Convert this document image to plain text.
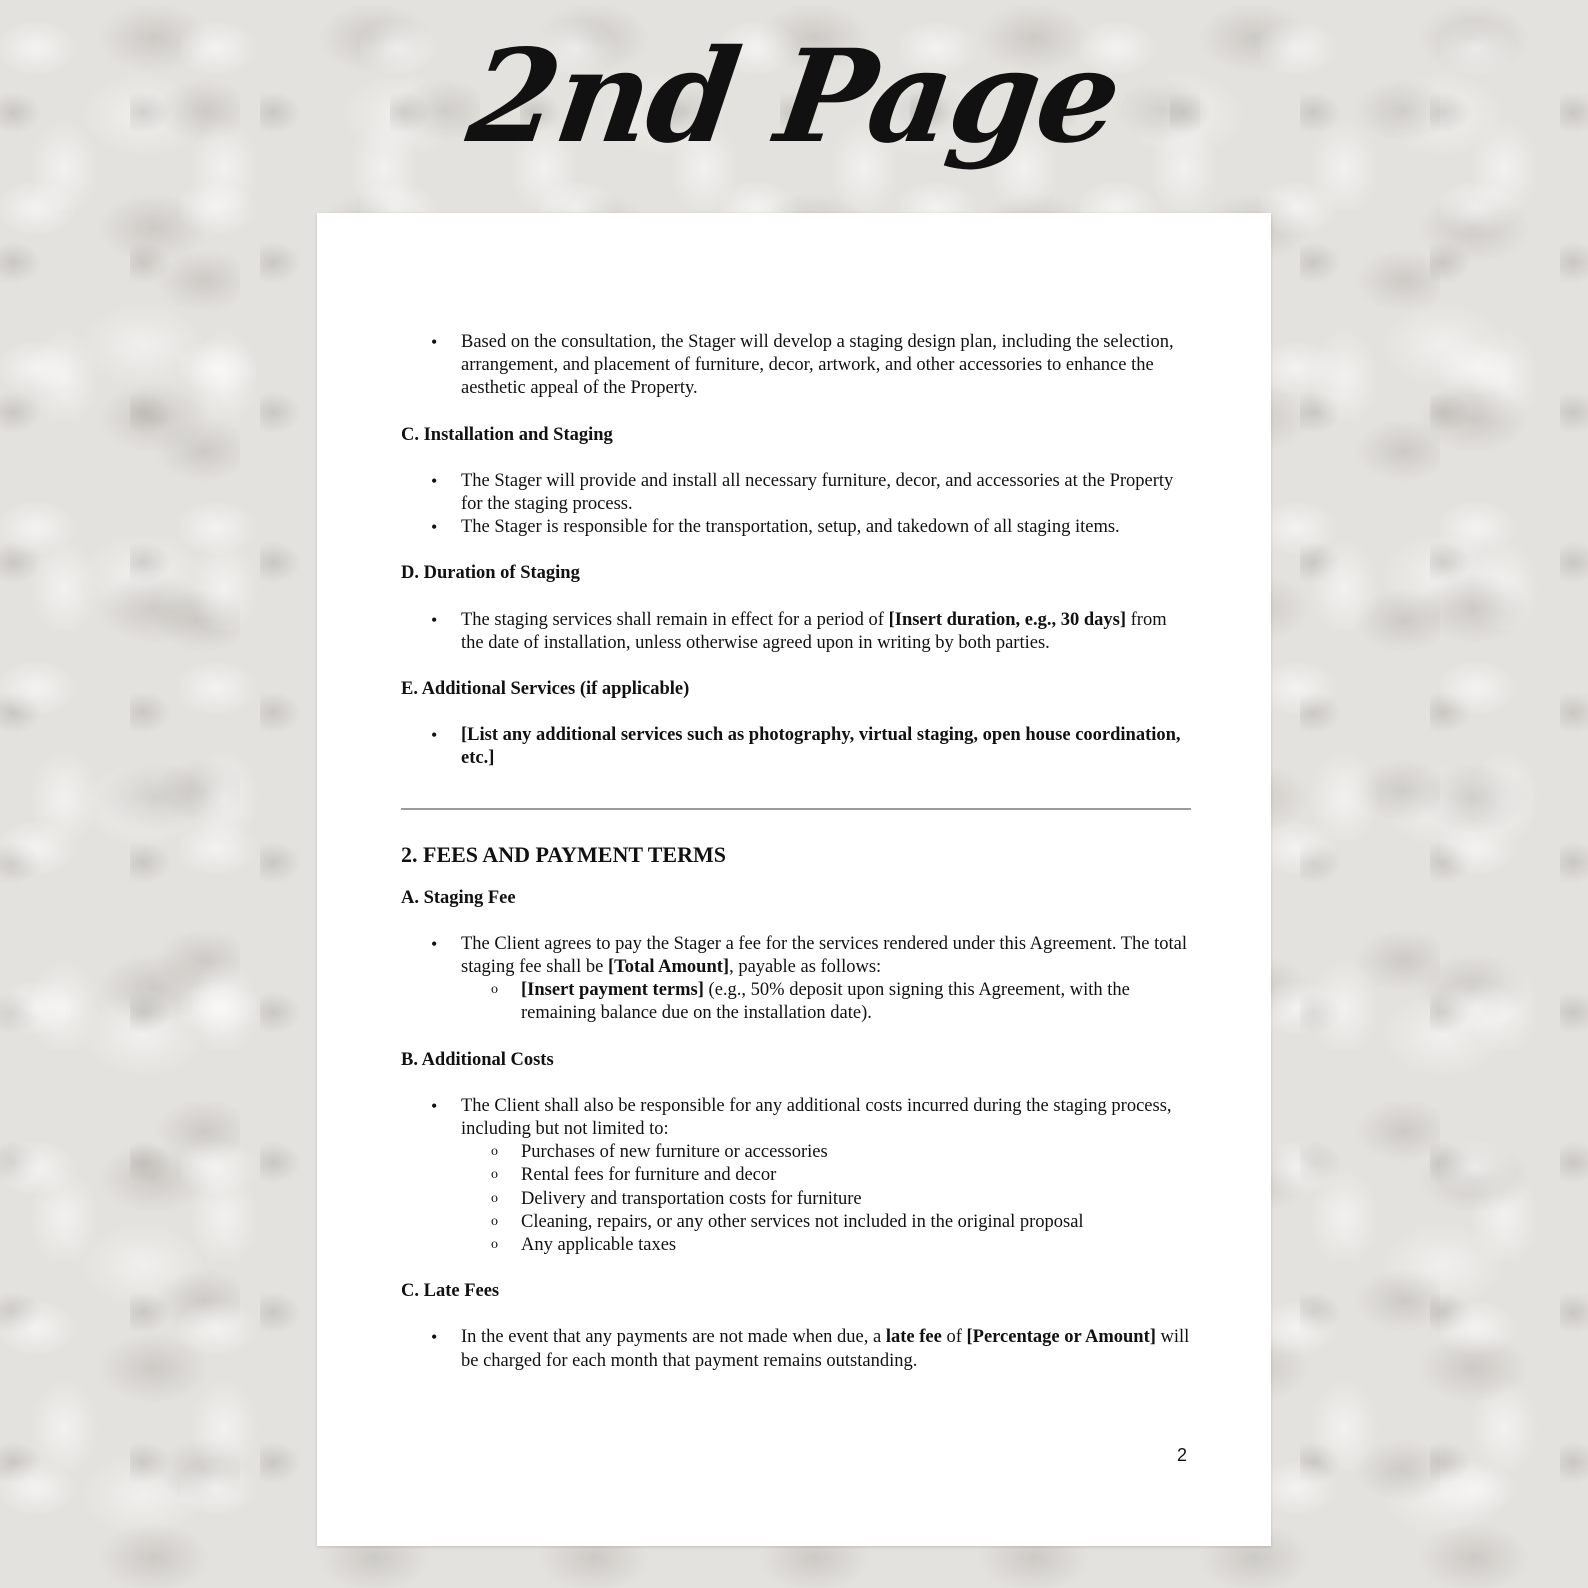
2nd Page
• Based on the consultation, the Stager will develop a staging design plan, including the selection, arrangement, and placement of furniture, decor, artwork, and other accessories to enhance the aesthetic appeal of the Property.
C. Installation and Staging
• The Stager will provide and install all necessary furniture, decor, and accessories at the Property for the staging process.
• The Stager is responsible for the transportation, setup, and takedown of all staging items.
D. Duration of Staging
• The staging services shall remain in effect for a period of [Insert duration, e.g., 30 days] from the date of installation, unless otherwise agreed upon in writing by both parties.
E. Additional Services (if applicable)
• [List any additional services such as photography, virtual staging, open house coordination, etc.]
2. FEES AND PAYMENT TERMS
A. Staging Fee
• The Client agrees to pay the Stager a fee for the services rendered under this Agreement. The total staging fee shall be [Total Amount], payable as follows:
o [Insert payment terms] (e.g., 50% deposit upon signing this Agreement, with the remaining balance due on the installation date).
B. Additional Costs
• The Client shall also be responsible for any additional costs incurred during the staging process, including but not limited to:
o Purchases of new furniture or accessories
o Rental fees for furniture and decor
o Delivery and transportation costs for furniture
o Cleaning, repairs, or any other services not included in the original proposal
o Any applicable taxes
C. Late Fees
• In the event that any payments are not made when due, a late fee of [Percentage or Amount] will be charged for each month that payment remains outstanding.
2
